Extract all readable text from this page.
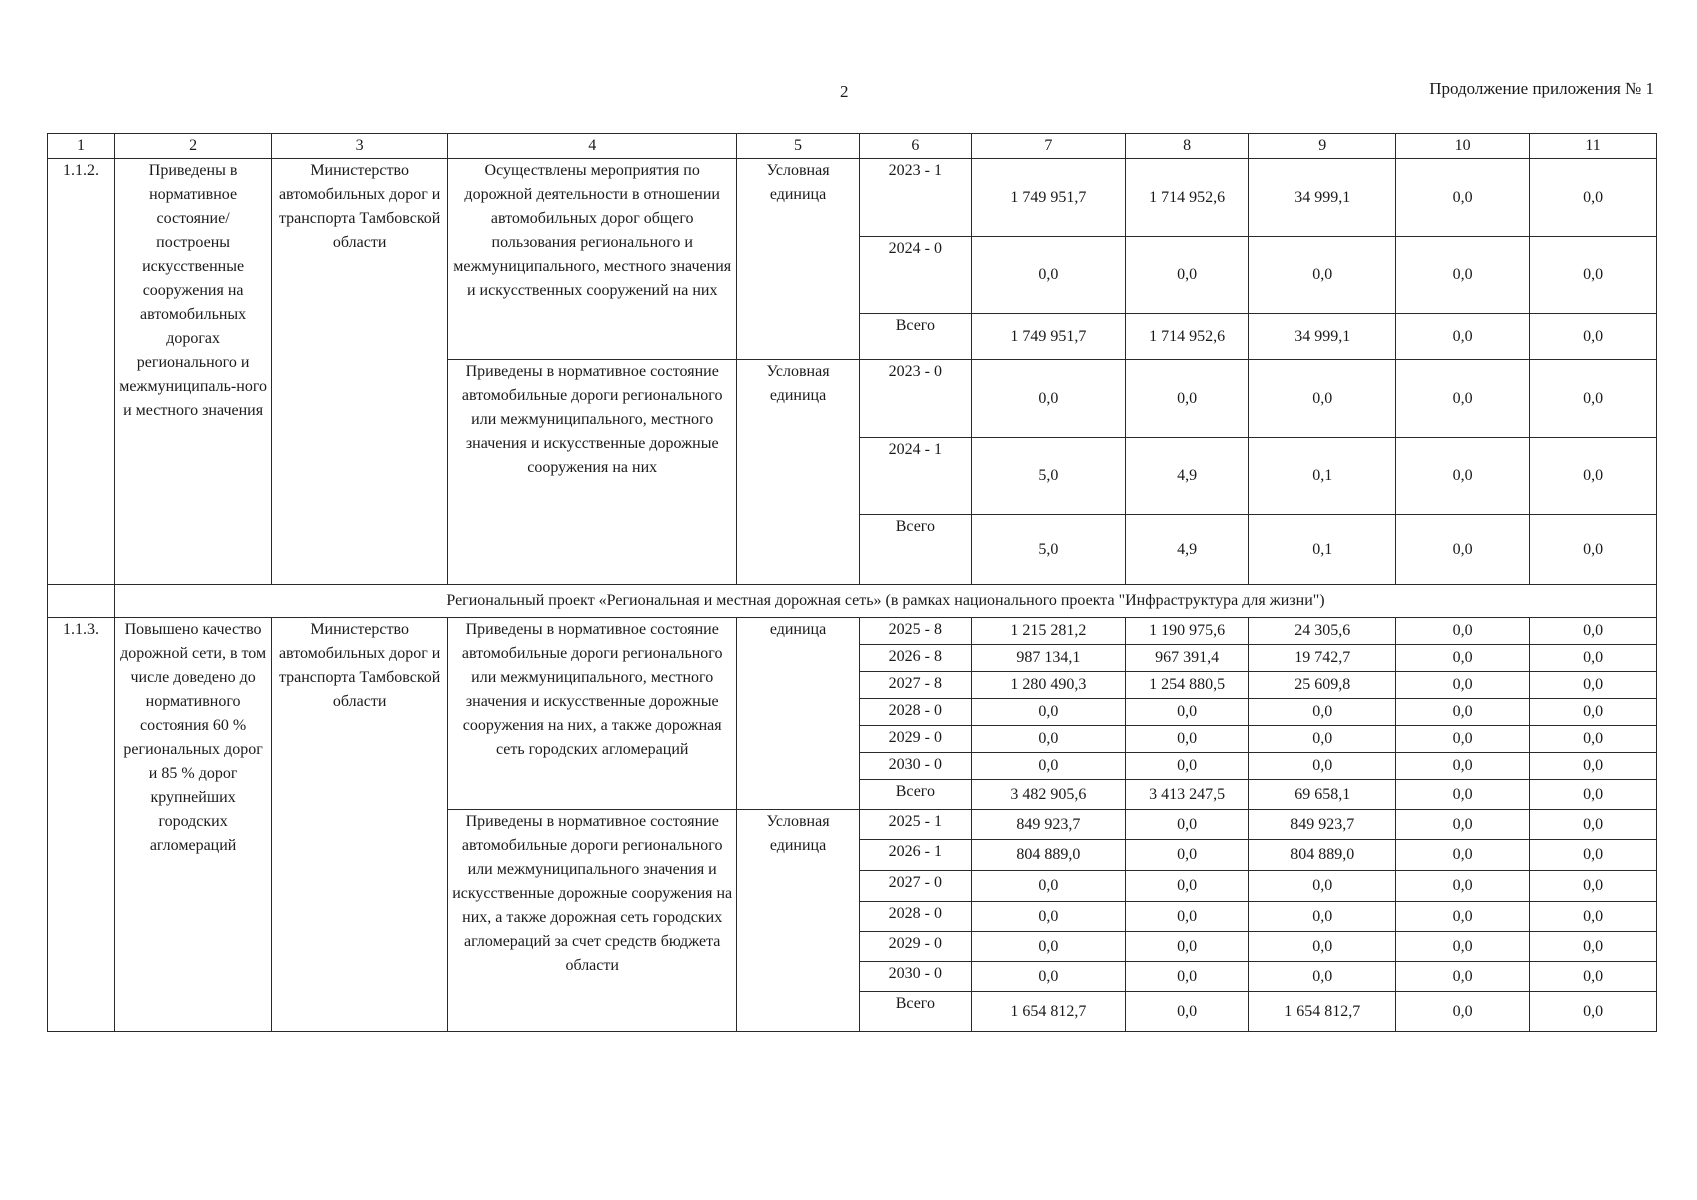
2	Продолжение приложения № 1
1	2	3	4	5	6	7	8	9	10	11
1.1.2.	Приведены в нормативное состояние/ построены искусственные сооружения на автомобильных дорогах регионального и межмуниципаль-ного и местного значения	Министерство автомобильных дорог и транспорта Тамбовской области	Осуществлены мероприятия по дорожной деятельности в отношении автомобильных дорог общего пользования регионального и межмуниципального, местного значения и искусственных сооружений на них	Условная единица	2023 - 1	1 749 951,7	1 714 952,6	34 999,1	0,0	0,0
					2024 - 0	0,0	0,0	0,0	0,0	0,0
					Всего	1 749 951,7	1 714 952,6	34 999,1	0,0	0,0
			Приведены в нормативное состояние автомобильные дороги регионального или межмуниципального, местного значения и искусственные дорожные сооружения на них	Условная единица	2023 - 0	0,0	0,0	0,0	0,0	0,0
					2024 - 1	5,0	4,9	0,1	0,0	0,0
					Всего	5,0	4,9	0,1	0,0	0,0
	Региональный проект «Региональная и местная дорожная сеть» (в рамках национального проекта "Инфраструктура для жизни")									
1.1.3.	Повышено качество дорожной сети, в том числе доведено до нормативного состояния 60 % региональных дорог и 85 % дорог крупнейших городских агломераций	Министерство автомобильных дорог и транспорта Тамбовской области	Приведены в нормативное состояние автомобильные дороги регионального или межмуниципального, местного значения и искусственные дорожные сооружения на них, а также дорожная сеть городских агломераций	единица	2025 - 8	1 215 281,2	1 190 975,6	24 305,6	0,0	0,0
					2026 - 8	987 134,1	967 391,4	19 742,7	0,0	0,0
					2027 - 8	1 280 490,3	1 254 880,5	25 609,8	0,0	0,0
					2028 - 0	0,0	0,0	0,0	0,0	0,0
					2029 - 0	0,0	0,0	0,0	0,0	0,0
					2030 - 0	0,0	0,0	0,0	0,0	0,0
					Всего	3 482 905,6	3 413 247,5	69 658,1	0,0	0,0
			Приведены в нормативное состояние автомобильные дороги регионального или межмуниципального значения и искусственные дорожные сооружения на них, а также дорожная сеть городских агломераций за счет средств бюджета области	Условная единица	2025 - 1	849 923,7	0,0	849 923,7	0,0	0,0
					2026 - 1	804 889,0	0,0	804 889,0	0,0	0,0
					2027 - 0	0,0	0,0	0,0	0,0	0,0
					2028 - 0	0,0	0,0	0,0	0,0	0,0
					2029 - 0	0,0	0,0	0,0	0,0	0,0
					2030 - 0	0,0	0,0	0,0	0,0	0,0
					Всего	1 654 812,7	0,0	1 654 812,7	0,0	0,0
